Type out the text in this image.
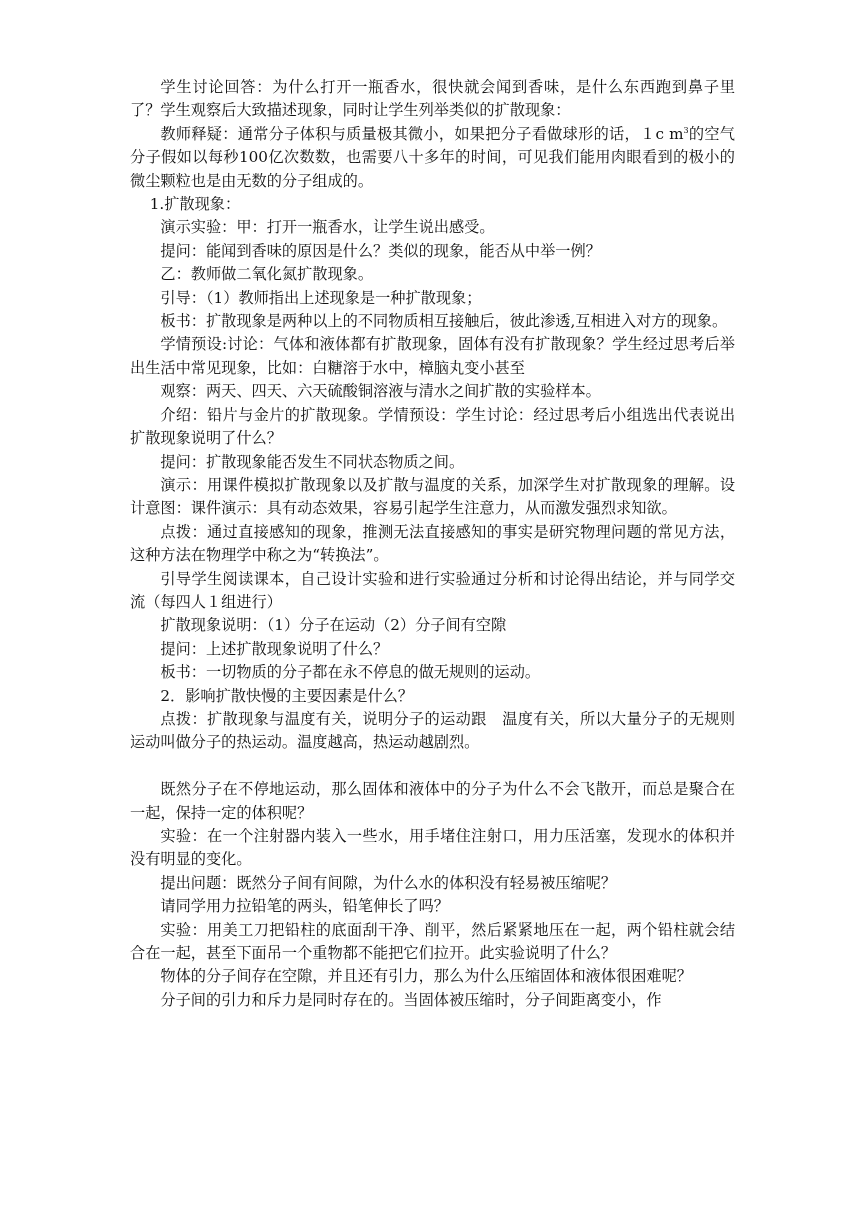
学生讨论回答：为什么打开一瓶香水，很快就会闻到香味，是什么东西跑到鼻子里了？学生观察后大致描述现象，同时让学生列举类似的扩散现象：

教师释疑：通常分子体积与质量极其微小，如果把分子看做球形的话，１c $m^3$的空气分子假如以每秒100亿次数数，也需要八十多年的时间，可见我们能用肉眼看到的极小的微尘颗粒也是由无数的分子组成的。

1.扩散现象：

演示实验：甲：打开一瓶香水，让学生说出感受。

提问：能闻到香味的原因是什么？类似的现象，能否从中举一例？

乙：教师做二氧化氮扩散现象。

引导：（1）教师指出上述现象是一种扩散现象；

板书：扩散现象是两种以上的不同物质相互接触后，彼此渗透,互相进入对方的现象。

学情预设:讨论：气体和液体都有扩散现象，固体有没有扩散现象？学生经过思考后举出生活中常见现象，比如：白糖溶于水中，樟脑丸变小甚至

观察：两天、四天、六天硫酸铜溶液与清水之间扩散的实验样本。

介绍：铅片与金片的扩散现象。学情预设：学生讨论：经过思考后小组选出代表说出扩散现象说明了什么？

提问：扩散现象能否发生不同状态物质之间。

演示：用课件模拟扩散现象以及扩散与温度的关系，加深学生对扩散现象的理解。设计意图：课件演示：具有动态效果，容易引起学生注意力，从而激发强烈求知欲。

点拨：通过直接感知的现象，推测无法直接感知的事实是研究物理问题的常见方法，这种方法在物理学中称之为“转换法”。

引导学生阅读课本，自己设计实验和进行实验通过分析和讨论得出结论，并与同学交流（每四人１组进行）

扩散现象说明：（1）分子在运动（2）分子间有空隙

提问：上述扩散现象说明了什么？

板书：一切物质的分子都在永不停息的做无规则的运动。

2．影响扩散快慢的主要因素是什么？

点拨：扩散现象与温度有关，说明分子的运动跟　温度有关，所以大量分子的无规则运动叫做分子的热运动。温度越高，热运动越剧烈。

既然分子在不停地运动，那么固体和液体中的分子为什么不会飞散开，而总是聚合在一起，保持一定的体积呢？

实验：在一个注射器内装入一些水，用手堵住注射口，用力压活塞，发现水的体积并没有明显的变化。

提出问题：既然分子间有间隙，为什么水的体积没有轻易被压缩呢？

请同学用力拉铅笔的两头，铅笔伸长了吗？

实验：用美工刀把铅柱的底面刮干净、削平，然后紧紧地压在一起，两个铅柱就会结合在一起，甚至下面吊一个重物都不能把它们拉开。此实验说明了什么？

物体的分子间存在空隙，并且还有引力，那么为什么压缩固体和液体很困难呢？

分子间的引力和斥力是同时存在的。当固体被压缩时，分子间距离变小，作
